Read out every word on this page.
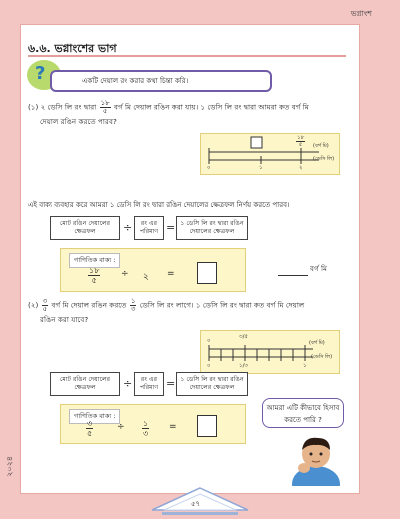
ভগ্নাংশ
২০২৪
৬.৬. ভগ্নাংশের ভাগ
?	একটি দেয়াল রং করার কথা চিন্তা করি।
(১) ২ ডেসি লি রং দ্বারা $\frac{১৮}{৫}$ বর্গ মি দেয়াল রঙিন করা যায়। ১ ডেসি লি রং দ্বারা আমরা কত বর্গ মি
দেয়াল রঙিন করতে পারব?
১৮
৫	(বর্গ মি)
০	১	২
(ডেসি লি)
এই বাক্য ব্যবহার করে আমরা ১ ডেসি লি রং দ্বারা রঙিন দেয়ালের ক্ষেত্রফল নির্ণয় করতে পারব।
মোট রঙিন দেয়ালের ক্ষেত্রফল	÷	রং এর পরিমাণ = ১ ডেসি লি রং দ্বারা রঙিন দেয়ালের ক্ষেত্রফল
গাণিতিক বাক্য :
১৮
৫
÷ ২ =
বর্গ মি
(২) $\frac{৩}{৫}$ বর্গ মি দেয়াল রঙিন করতে $\frac{১}{৩}$ ডেসি লি রং লাগে। ১ ডেসি লি রং দ্বারা কত বর্গ মি দেয়াল
রঙিন করা যাবে?
০
৩/৫
(বর্গ মি)
০	১/৩	১
(ডেসি লি)
মোট রঙিন দেয়ালের ক্ষেত্রফল	÷	রং এর পরিমাণ = ১ ডেসি লি রং দ্বারা রঙিন দেয়ালের ক্ষেত্রফল
গাণিতিক বাক্য :
৩
৫
÷ ১
৩
=
আমরা এটি কীভাবে হিসাব করতে পারি ?
৫৭
